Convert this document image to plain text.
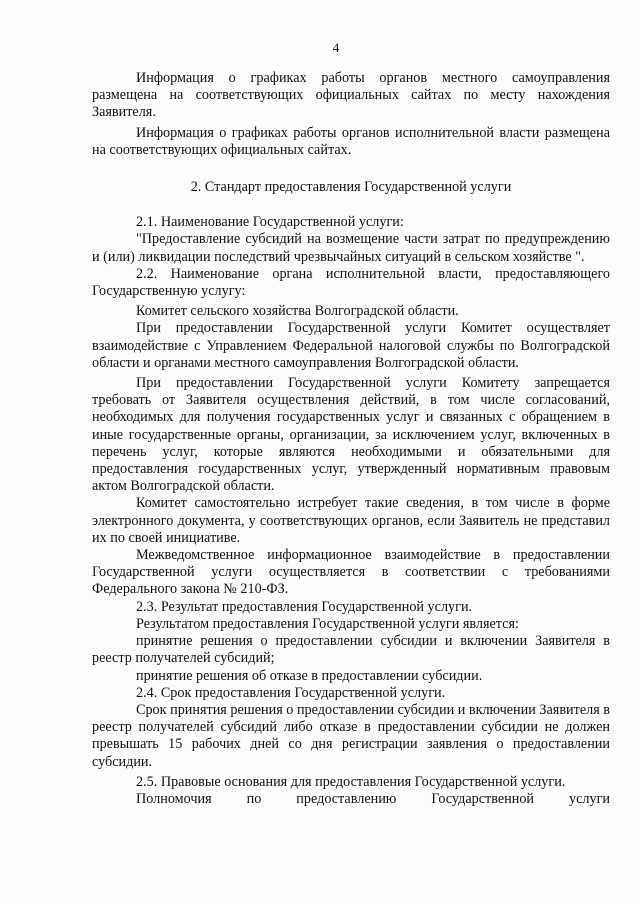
4

Информация о графиках работы органов местного самоуправления размещена на соответствующих официальных сайтах по месту нахождения Заявителя.

Информация о графиках работы органов исполнительной власти размещена на соответствующих официальных сайтах.

2. Стандарт предоставления Государственной услуги

2.1. Наименование Государственной услуги:

"Предоставление субсидий на возмещение части затрат по предупреждению и (или) ликвидации последствий чрезвычайных ситуаций в сельском хозяйстве ".

2.2. Наименование органа исполнительной власти, предоставляющего Государственную услугу:

Комитет сельского хозяйства Волгоградской области.

При предоставлении Государственной услуги Комитет осуществляет взаимодействие с Управлением Федеральной налоговой службы по Волгоградской области и органами местного самоуправления Волгоградской области.

При предоставлении Государственной услуги Комитету запрещается требовать от Заявителя осуществления действий, в том числе согласований, необходимых для получения государственных услуг и связанных с обращением в иные государственные органы, организации, за исключением услуг, включенных в перечень услуг, которые являются необходимыми и обязательными для предоставления государственных услуг, утвержденный нормативным правовым актом Волгоградской области.

Комитет самостоятельно истребует такие сведения, в том числе в форме электронного документа, у соответствующих органов, если Заявитель не представил их по своей инициативе.

Межведомственное информационное взаимодействие в предоставлении Государственной услуги осуществляется в соответствии с требованиями Федерального закона № 210-ФЗ.

2.3. Результат предоставления Государственной услуги.

Результатом предоставления Государственной услуги является:

принятие решения о предоставлении субсидии и включении Заявителя в реестр получателей субсидий;

принятие решения об отказе в предоставлении субсидии.

2.4. Срок предоставления Государственной услуги.

Срок принятия решения о предоставлении субсидии и включении Заявителя в реестр получателей субсидий либо отказе в предоставлении субсидии не должен превышать 15 рабочих дней со дня регистрации заявления о предоставлении субсидии.

2.5. Правовые основания для предоставления Государственной услуги.

Полномочия по предоставлению Государственной услуги
